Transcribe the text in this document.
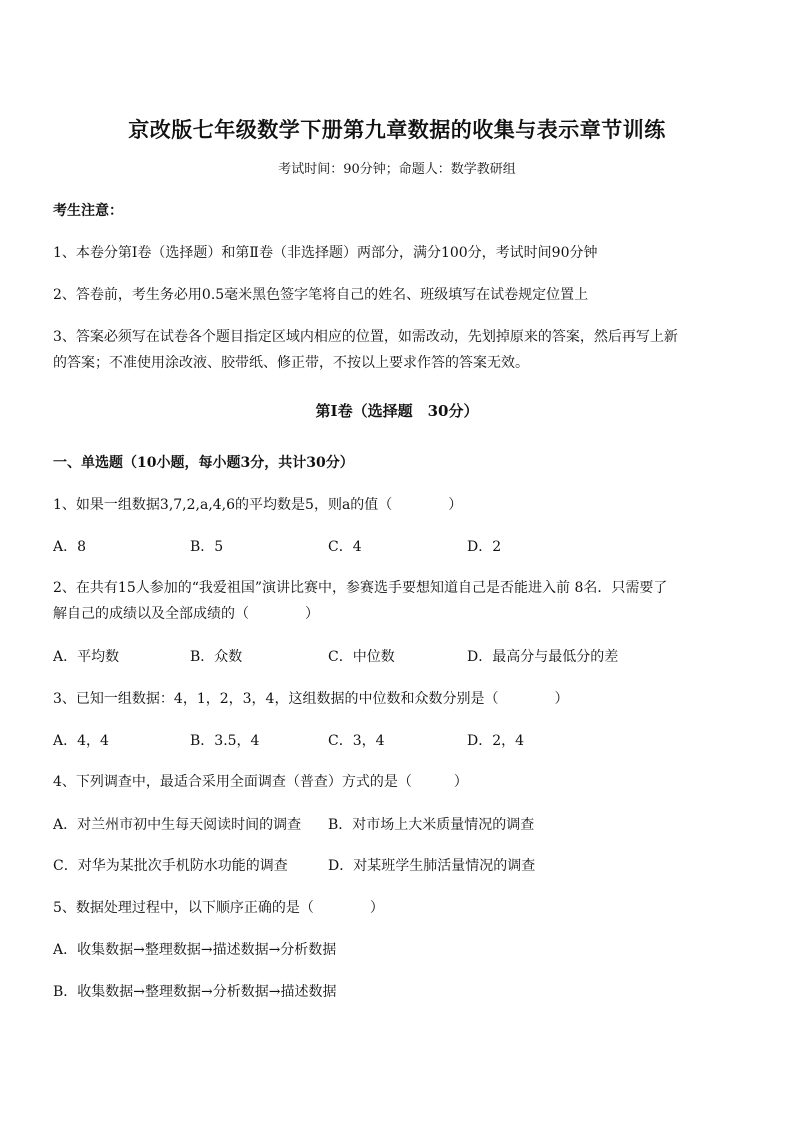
京改版七年级数学下册第九章数据的收集与表示章节训练
考试时间：90分钟；命题人：数学教研组
考生注意：
1、本卷分第Ⅰ卷（选择题）和第Ⅱ卷（非选择题）两部分，满分100分，考试时间90分钟
2、答卷前，考生务必用0.5毫米黑色签字笔将自己的姓名、班级填写在试卷规定位置上
3、答案必须写在试卷各个题目指定区域内相应的位置，如需改动，先划掉原来的答案，然后再写上新
的答案；不准使用涂改液、胶带纸、修正带，不按以上要求作答的答案无效。
第Ⅰ卷（选择题　30分）
一、单选题（10小题，每小题3分，共计30分）
1、如果一组数据3,7,2,a,4,6的平均数是5，则a的值（　　　　）
A．8	B．5	C．4	D．2
2、在共有15人参加的“我爱祖国”演讲比赛中，参赛选手要想知道自己是否能进入前 8名．只需要了
解自己的成绩以及全部成绩的（　　　　）
A．平均数	B．众数	C．中位数	D．最高分与最低分的差
3、已知一组数据：4，1，2，3，4，这组数据的中位数和众数分别是（　　　　）
A．4，4	B．3.5，4	C．3，4	D．2，4
4、下列调查中，最适合采用全面调查（普查）方式的是（　　　）
A．对兰州市初中生每天阅读时间的调查 B．对市场上大米质量情况的调查
C．对华为某批次手机防水功能的调查	D．对某班学生肺活量情况的调查
5、数据处理过程中，以下顺序正确的是（　　　　）
A．收集数据→整理数据→描述数据→分析数据
B．收集数据→整理数据→分析数据→描述数据
